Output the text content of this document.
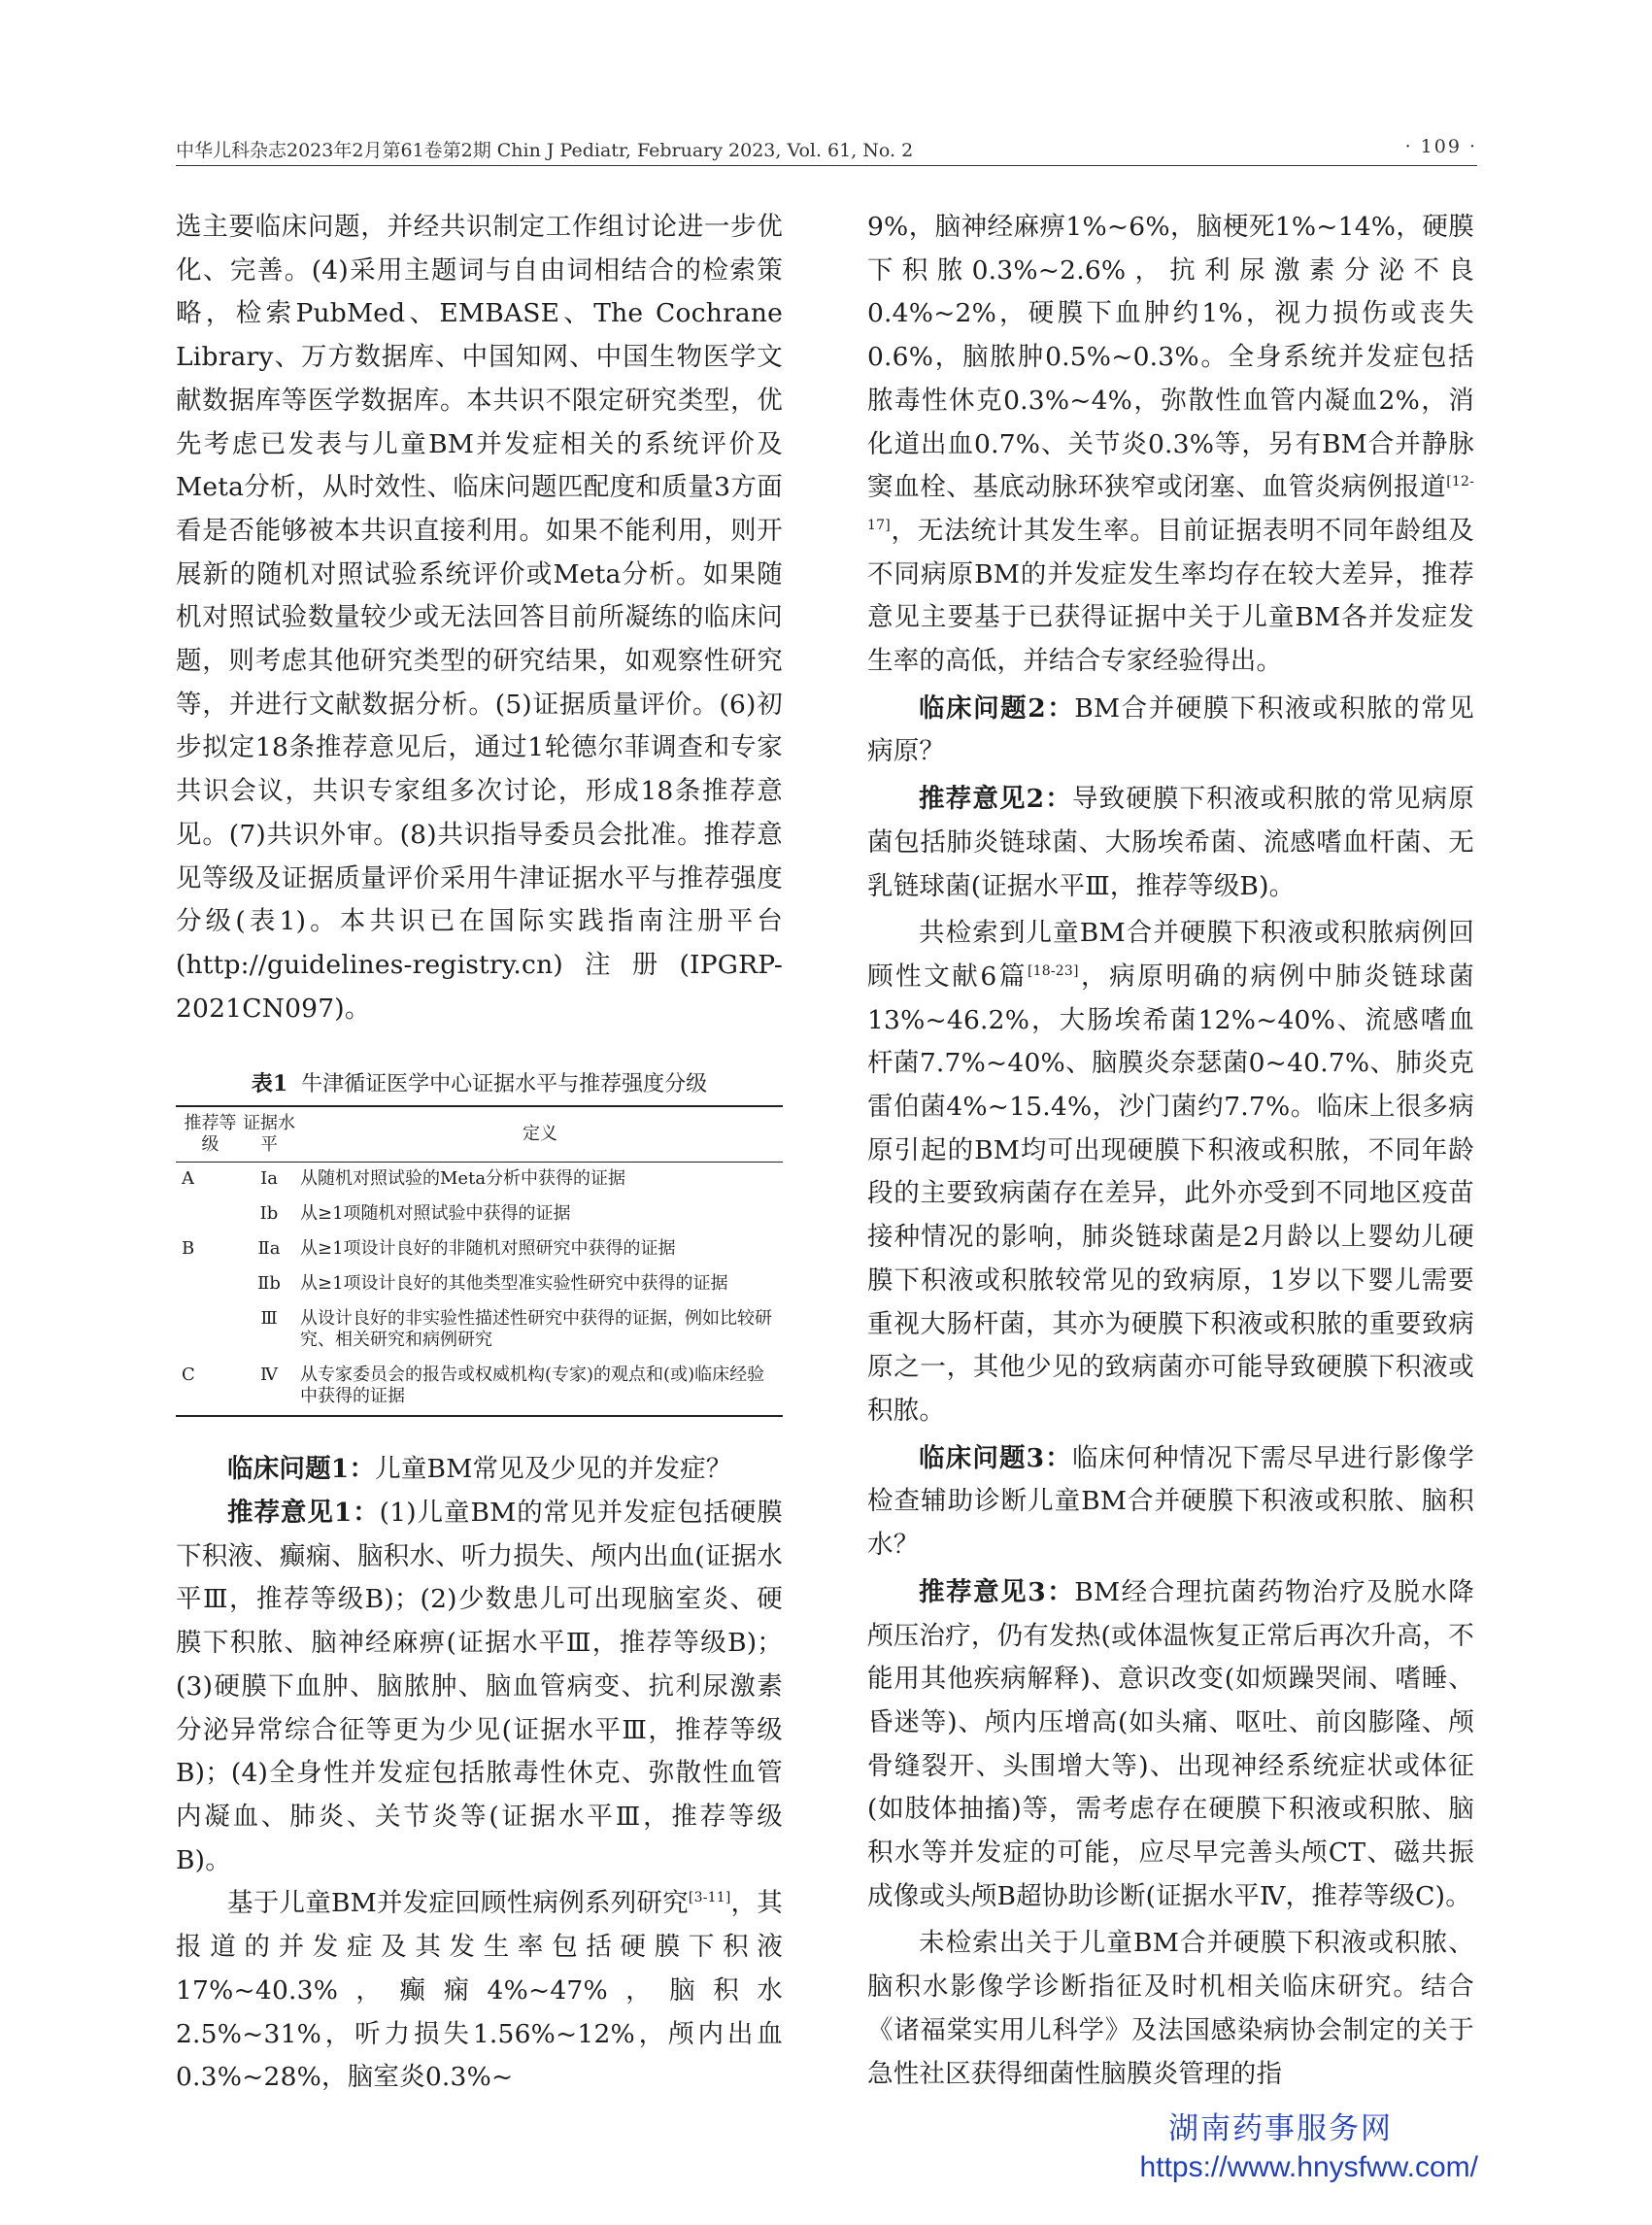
中华儿科杂志2023年2月第61卷第2期 Chin J Pediatr, February 2023, Vol. 61, No. 2	· 109 ·

选主要临床问题，并经共识制定工作组讨论进一步优化、完善。(4)采用主题词与自由词相结合的检索策略，检索PubMed、EMBASE、The Cochrane Library、万方数据库、中国知网、中国生物医学文献数据库等医学数据库。本共识不限定研究类型，优先考虑已发表与儿童BM并发症相关的系统评价及Meta分析，从时效性、临床问题匹配度和质量3方面看是否能够被本共识直接利用。如果不能利用，则开展新的随机对照试验系统评价或Meta分析。如果随机对照试验数量较少或无法回答目前所凝练的临床问题，则考虑其他研究类型的研究结果，如观察性研究等，并进行文献数据分析。(5)证据质量评价。(6)初步拟定18条推荐意见后，通过1轮德尔菲调查和专家共识会议，共识专家组多次讨论，形成18条推荐意见。(7)共识外审。(8)共识指导委员会批准。推荐意见等级及证据质量评价采用牛津证据水平与推荐强度分级(表1)。本共识已在国际实践指南注册平台(http://guidelines-registry.cn)注册(IPGRP-2021CN097)。

表1 牛津循证医学中心证据水平与推荐强度分级
推荐等级	证据水平	定义
A	Ⅰa	从随机对照试验的Meta分析中获得的证据
	Ⅰb	从≥1项随机对照试验中获得的证据
B	Ⅱa	从≥1项设计良好的非随机对照研究中获得的证据
	Ⅱb	从≥1项设计良好的其他类型准实验性研究中获得的证据
	Ⅲ	从设计良好的非实验性描述性研究中获得的证据，例如比较研究、相关研究和病例研究
C	Ⅳ	从专家委员会的报告或权威机构(专家)的观点和(或)临床经验中获得的证据

临床问题1：儿童BM常见及少见的并发症？

推荐意见1：(1)儿童BM的常见并发症包括硬膜下积液、癫痫、脑积水、听力损失、颅内出血(证据水平Ⅲ，推荐等级B)；(2)少数患儿可出现脑室炎、硬膜下积脓、脑神经麻痹(证据水平Ⅲ，推荐等级B)；(3)硬膜下血肿、脑脓肿、脑血管病变、抗利尿激素分泌异常综合征等更为少见(证据水平Ⅲ，推荐等级B)；(4)全身性并发症包括脓毒性休克、弥散性血管内凝血、肺炎、关节炎等(证据水平Ⅲ，推荐等级B)。

基于儿童BM并发症回顾性病例系列研究[3-11]，其报道的并发症及其发生率包括硬膜下积液17%~40.3%，癫痫4%~47%，脑积水2.5%~31%，听力损失1.56%~12%，颅内出血0.3%~28%，脑室炎0.3%~

9%，脑神经麻痹1%~6%，脑梗死1%~14%，硬膜下积脓0.3%~2.6%，抗利尿激素分泌不良0.4%~2%，硬膜下血肿约1%，视力损伤或丧失0.6%，脑脓肿0.5%~0.3%。全身系统并发症包括脓毒性休克0.3%~4%，弥散性血管内凝血2%，消化道出血0.7%、关节炎0.3%等，另有BM合并静脉窦血栓、基底动脉环狭窄或闭塞、血管炎病例报道[12-17]，无法统计其发生率。目前证据表明不同年龄组及不同病原BM的并发症发生率均存在较大差异，推荐意见主要基于已获得证据中关于儿童BM各并发症发生率的高低，并结合专家经验得出。

临床问题2：BM合并硬膜下积液或积脓的常见病原？

推荐意见2：导致硬膜下积液或积脓的常见病原菌包括肺炎链球菌、大肠埃希菌、流感嗜血杆菌、无乳链球菌(证据水平Ⅲ，推荐等级B)。

共检索到儿童BM合并硬膜下积液或积脓病例回顾性文献6篇[18-23]，病原明确的病例中肺炎链球菌13%~46.2%，大肠埃希菌12%~40%、流感嗜血杆菌7.7%~40%、脑膜炎奈瑟菌0~40.7%、肺炎克雷伯菌4%~15.4%，沙门菌约7.7%。临床上很多病原引起的BM均可出现硬膜下积液或积脓，不同年龄段的主要致病菌存在差异，此外亦受到不同地区疫苗接种情况的影响，肺炎链球菌是2月龄以上婴幼儿硬膜下积液或积脓较常见的致病原，1岁以下婴儿需要重视大肠杆菌，其亦为硬膜下积液或积脓的重要致病原之一，其他少见的致病菌亦可能导致硬膜下积液或积脓。

临床问题3：临床何种情况下需尽早进行影像学检查辅助诊断儿童BM合并硬膜下积液或积脓、脑积水？

推荐意见3：BM经合理抗菌药物治疗及脱水降颅压治疗，仍有发热(或体温恢复正常后再次升高，不能用其他疾病解释)、意识改变(如烦躁哭闹、嗜睡、昏迷等)、颅内压增高(如头痛、呕吐、前囟膨隆、颅骨缝裂开、头围增大等)、出现神经系统症状或体征(如肢体抽搐)等，需考虑存在硬膜下积液或积脓、脑积水等并发症的可能，应尽早完善头颅CT、磁共振成像或头颅B超协助诊断(证据水平Ⅳ，推荐等级C)。

未检索出关于儿童BM合并硬膜下积液或积脓、脑积水影像学诊断指征及时机相关临床研究。结合《诸福棠实用儿科学》及法国感染病协会制定的关于急性社区获得细菌性脑膜炎管理的指

湖南药事服务网
https://www.hnysfww.com/
